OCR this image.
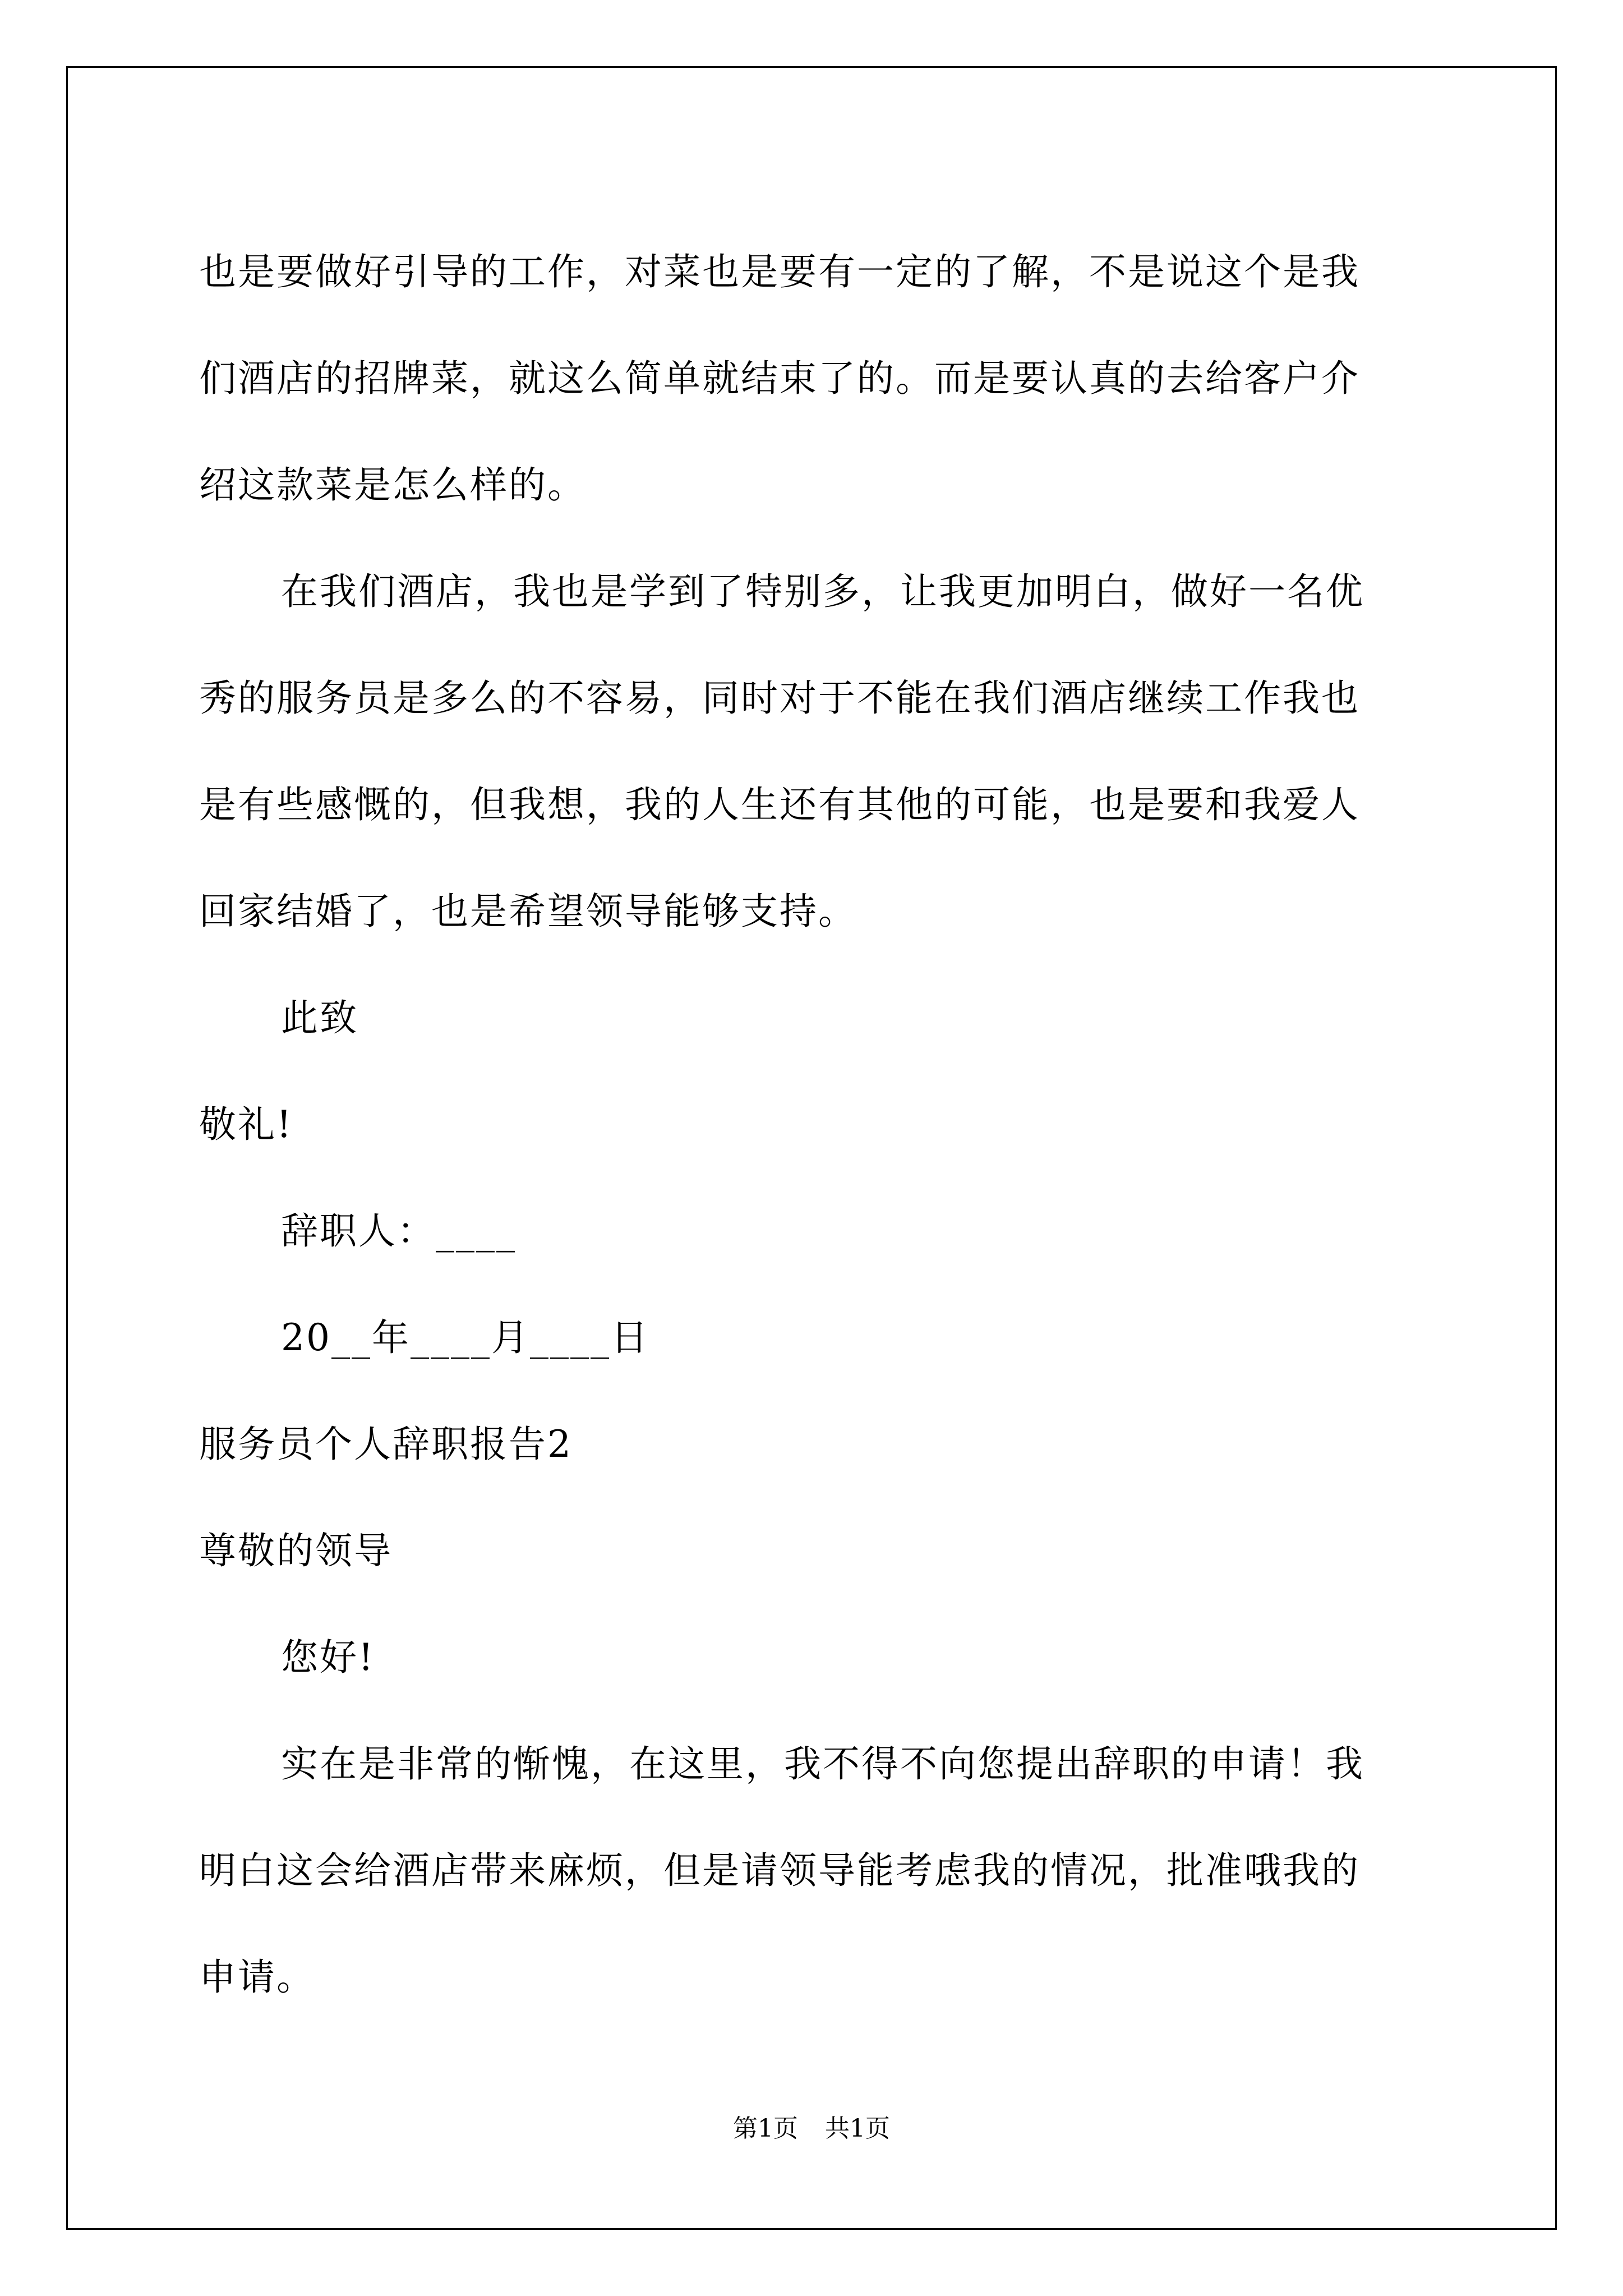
也是要做好引导的工作，对菜也是要有一定的了解，不是说这个是我
们酒店的招牌菜，就这么简单就结束了的。而是要认真的去给客户介
绍这款菜是怎么样的。
在我们酒店，我也是学到了特别多，让我更加明白，做好一名优
秀的服务员是多么的不容易，同时对于不能在我们酒店继续工作我也
是有些感慨的，但我想，我的人生还有其他的可能，也是要和我爱人
回家结婚了，也是希望领导能够支持。
此致
敬礼!
辞职人：____
20__年____月____日
服务员个人辞职报告2
尊敬的领导
您好!
实在是非常的惭愧，在这里，我不得不向您提出辞职的申请！我
明白这会给酒店带来麻烦，但是请领导能考虑我的情况，批准哦我的
申请。
第1页 共1页
